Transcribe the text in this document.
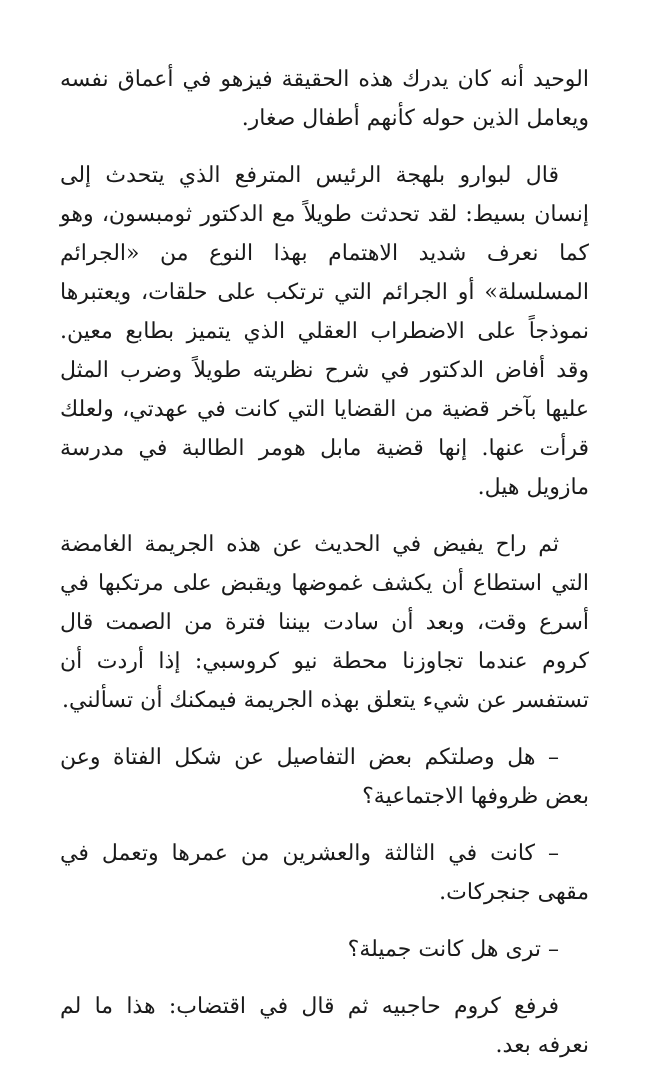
الوحيد أنه كان يدرك هذه الحقيقة فيزهو في أعماق نفسه ويعامل الذين حوله كأنهم أطفال صغار.

قال لبوارو بلهجة الرئيس المترفع الذي يتحدث إلى إنسان بسيط: لقد تحدثت طويلاً مع الدكتور ثومبسون، وهو كما نعرف شديد الاهتمام بهذا النوع من «الجرائم المسلسلة» أو الجرائم التي ترتكب على حلقات، ويعتبرها نموذجاً على الاضطراب العقلي الذي يتميز بطابع معين. وقد أفاض الدكتور في شرح نظريته طويلاً وضرب المثل عليها بآخر قضية من القضايا التي كانت في عهدتي، ولعلك قرأت عنها. إنها قضية مابل هومر الطالبة في مدرسة مازويل هيل.

ثم راح يفيض في الحديث عن هذه الجريمة الغامضة التي استطاع أن يكشف غموضها ويقبض على مرتكبها في أسرع وقت، وبعد أن سادت بيننا فترة من الصمت قال كروم عندما تجاوزنا محطة نيو كروسبي: إذا أردت أن تستفسر عن شيء يتعلق بهذه الجريمة فيمكنك أن تسألني.

– هل وصلتكم بعض التفاصيل عن شكل الفتاة وعن بعض ظروفها الاجتماعية؟

– كانت في الثالثة والعشرين من عمرها وتعمل في مقهى جنجركات.

– ترى هل كانت جميلة؟

فرفع كروم حاجبيه ثم قال في اقتضاب: هذا ما لم نعرفه بعد.
